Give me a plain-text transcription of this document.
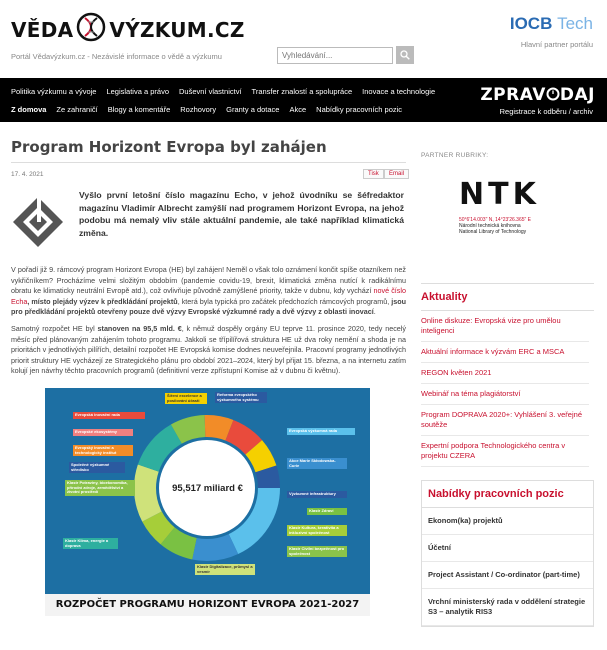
VĚDA VÝZKUM.CZ
Portál Vědavýzkum.cz - Nezávislé informace o vědě a výzkumu
Vyhledávání...
IOCB Tech
Hlavní partner portálu
Politika výzkumu a vývoje	Legislativa a právo	Duševní vlastnictví	Transfer znalostí a spolupráce	Inovace a technologie
Z domova	Ze zahraničí	Blogy a komentáře	Rozhovory	Granty a dotace	Akce	Nabídky pracovních pozic
ZPRAV DAJ
Registrace k odběru / archiv
Program Horizont Evropa byl zahájen
17. 4. 2021	Tisk	Email
Vyšlo první letošní číslo magazínu Echo, v jehož úvodníku se šéfredaktor magazínu Vladimír Albrecht zamýšlí nad programem Horizont Evropa, na jehož podobu má nemalý vliv stále aktuální pandemie, ale také například klimatická změna.

V pořadí již 9. rámcový program Horizont Evropa (HE) byl zahájen! Neměl o však tolo oznámení končit spíše otazníkem než vykřičníkem? Procházíme velmi složitým obdobím (pandemie covidu-19, brexit, klimatická změna nutící k radikálnímu obratu ke klimaticky neutrální Evropě atd.), což ovlivňuje původně zamýšlené priority, takže v dubnu, kdy vychází nové číslo Echa, místo plejády výzev k předkládání projektů, která byla typická pro začátek předchozích rámcových programů, jsou pro předkládání projektů otevřeny pouze dvě výzvy Evropské výzkumné rady a dvě výzvy z oblasti inovací.

Samotný rozpočet HE byl stanoven na 95,5 mld. €, k němuž dospěly orgány EU teprve 11. prosince 2020, tedy necelý měsíc před plánovaným zahájením tohoto programu. Jakkoli se třípilířová struktura HE už dva roky nemění a shoda je na prioritách v jednotlivých pilířích, detailní rozpočet HE Evropská komise dodnes neuveřejnila. Pracovní programy jednotlivých priorit struktury HE vycházejí ze Strategického plánu pro období 2021–2024, který byl přijat 15. března, a na internetu zatím kolují jen návrhy těchto pracovních programů (definitivní verze zpřístupní Komise až v dubnu či květnu).

95,517 miliard €
Šíření excelence a posilování účasti
Reforma evropského výzkumného systému
Evropská inovační rada
Evropské ekosystémy
Evropský inovační a technologický institut
Evropská výzkumná rada
Akce Marie Skłodowska-Curie
Výzkumné infrastruktury
Klastr Zdraví
Klastr Kultura, kreativita a inkluzivní společnost
Klastr Civilní bezpečnost pro společnost
Klastr Digitalizace, průmysl a vesmír
Klastr Klima, energie a doprava
Klastr Potraviny, bioekonomika, přírodní zdroje, zemědělství a životní prostředí
Společné výzkumné středisko
ROZPOČET PROGRAMU HORIZONT EVROPA 2021-2027
PARTNER RUBRIKY:
NTK
50°6'14.003" N, 14°23'26.365" E
Národní technická knihovna
National Library of Technology
Aktuality
Online diskuze: Evropská vize pro umělou inteligenci
Aktuální informace k výzvám ERC a MSCA
REGON květen 2021
Webinář na téma plagiátorství
Program DOPRAVA 2020+: Vyhlášení 3. veřejné soutěže
Expertní podpora Technologického centra v projektu CZERA
Nabídky pracovních pozic
Ekonom(ka) projektů
Účetní
Project Assistant / Co-ordinator (part-time)
Vrchní ministerský rada v oddělení strategie S3 – analytik RIS3
